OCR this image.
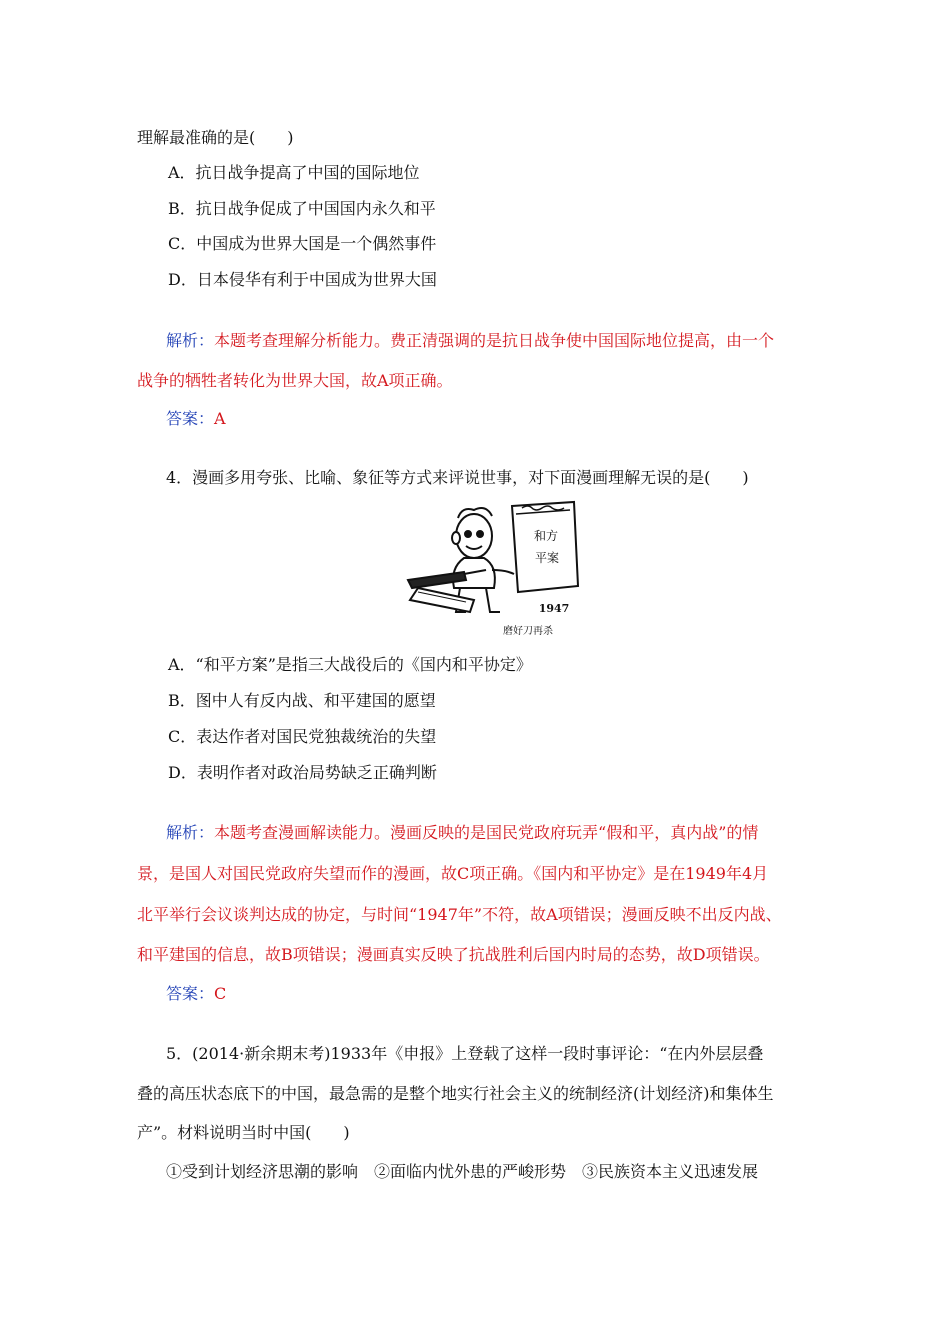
理解最准确的是(　　)
A．抗日战争提高了中国的国际地位
B．抗日战争促成了中国国内永久和平
C．中国成为世界大国是一个偶然事件
D．日本侵华有利于中国成为世界大国
解析：本题考查理解分析能力。费正清强调的是抗日战争使中国国际地位提高，由一个
战争的牺牲者转化为世界大国，故A项正确。
答案：A
4．漫画多用夸张、比喻、象征等方式来评说世事，对下面漫画理解无误的是(　　)
和方
平案
1947
磨好刀再杀
A．“和平方案”是指三大战役后的《国内和平协定》
B．图中人有反内战、和平建国的愿望
C．表达作者对国民党独裁统治的失望
D．表明作者对政治局势缺乏正确判断
解析：本题考查漫画解读能力。漫画反映的是国民党政府玩弄“假和平，真内战”的情
景，是国人对国民党政府失望而作的漫画，故C项正确。《国内和平协定》是在1949年4月
北平举行会议谈判达成的协定，与时间“1947年”不符，故A项错误；漫画反映不出反内战、
和平建国的信息，故B项错误；漫画真实反映了抗战胜利后国内时局的态势，故D项错误。
答案：C
5．(2014·新余期末考)1933年《申报》上登载了这样一段时事评论：“在内外层层叠
叠的高压状态底下的中国，最急需的是整个地实行社会主义的统制经济(计划经济)和集体生
产”。材料说明当时中国(　　)
①受到计划经济思潮的影响　②面临内忧外患的严峻形势　③民族资本主义迅速发展
